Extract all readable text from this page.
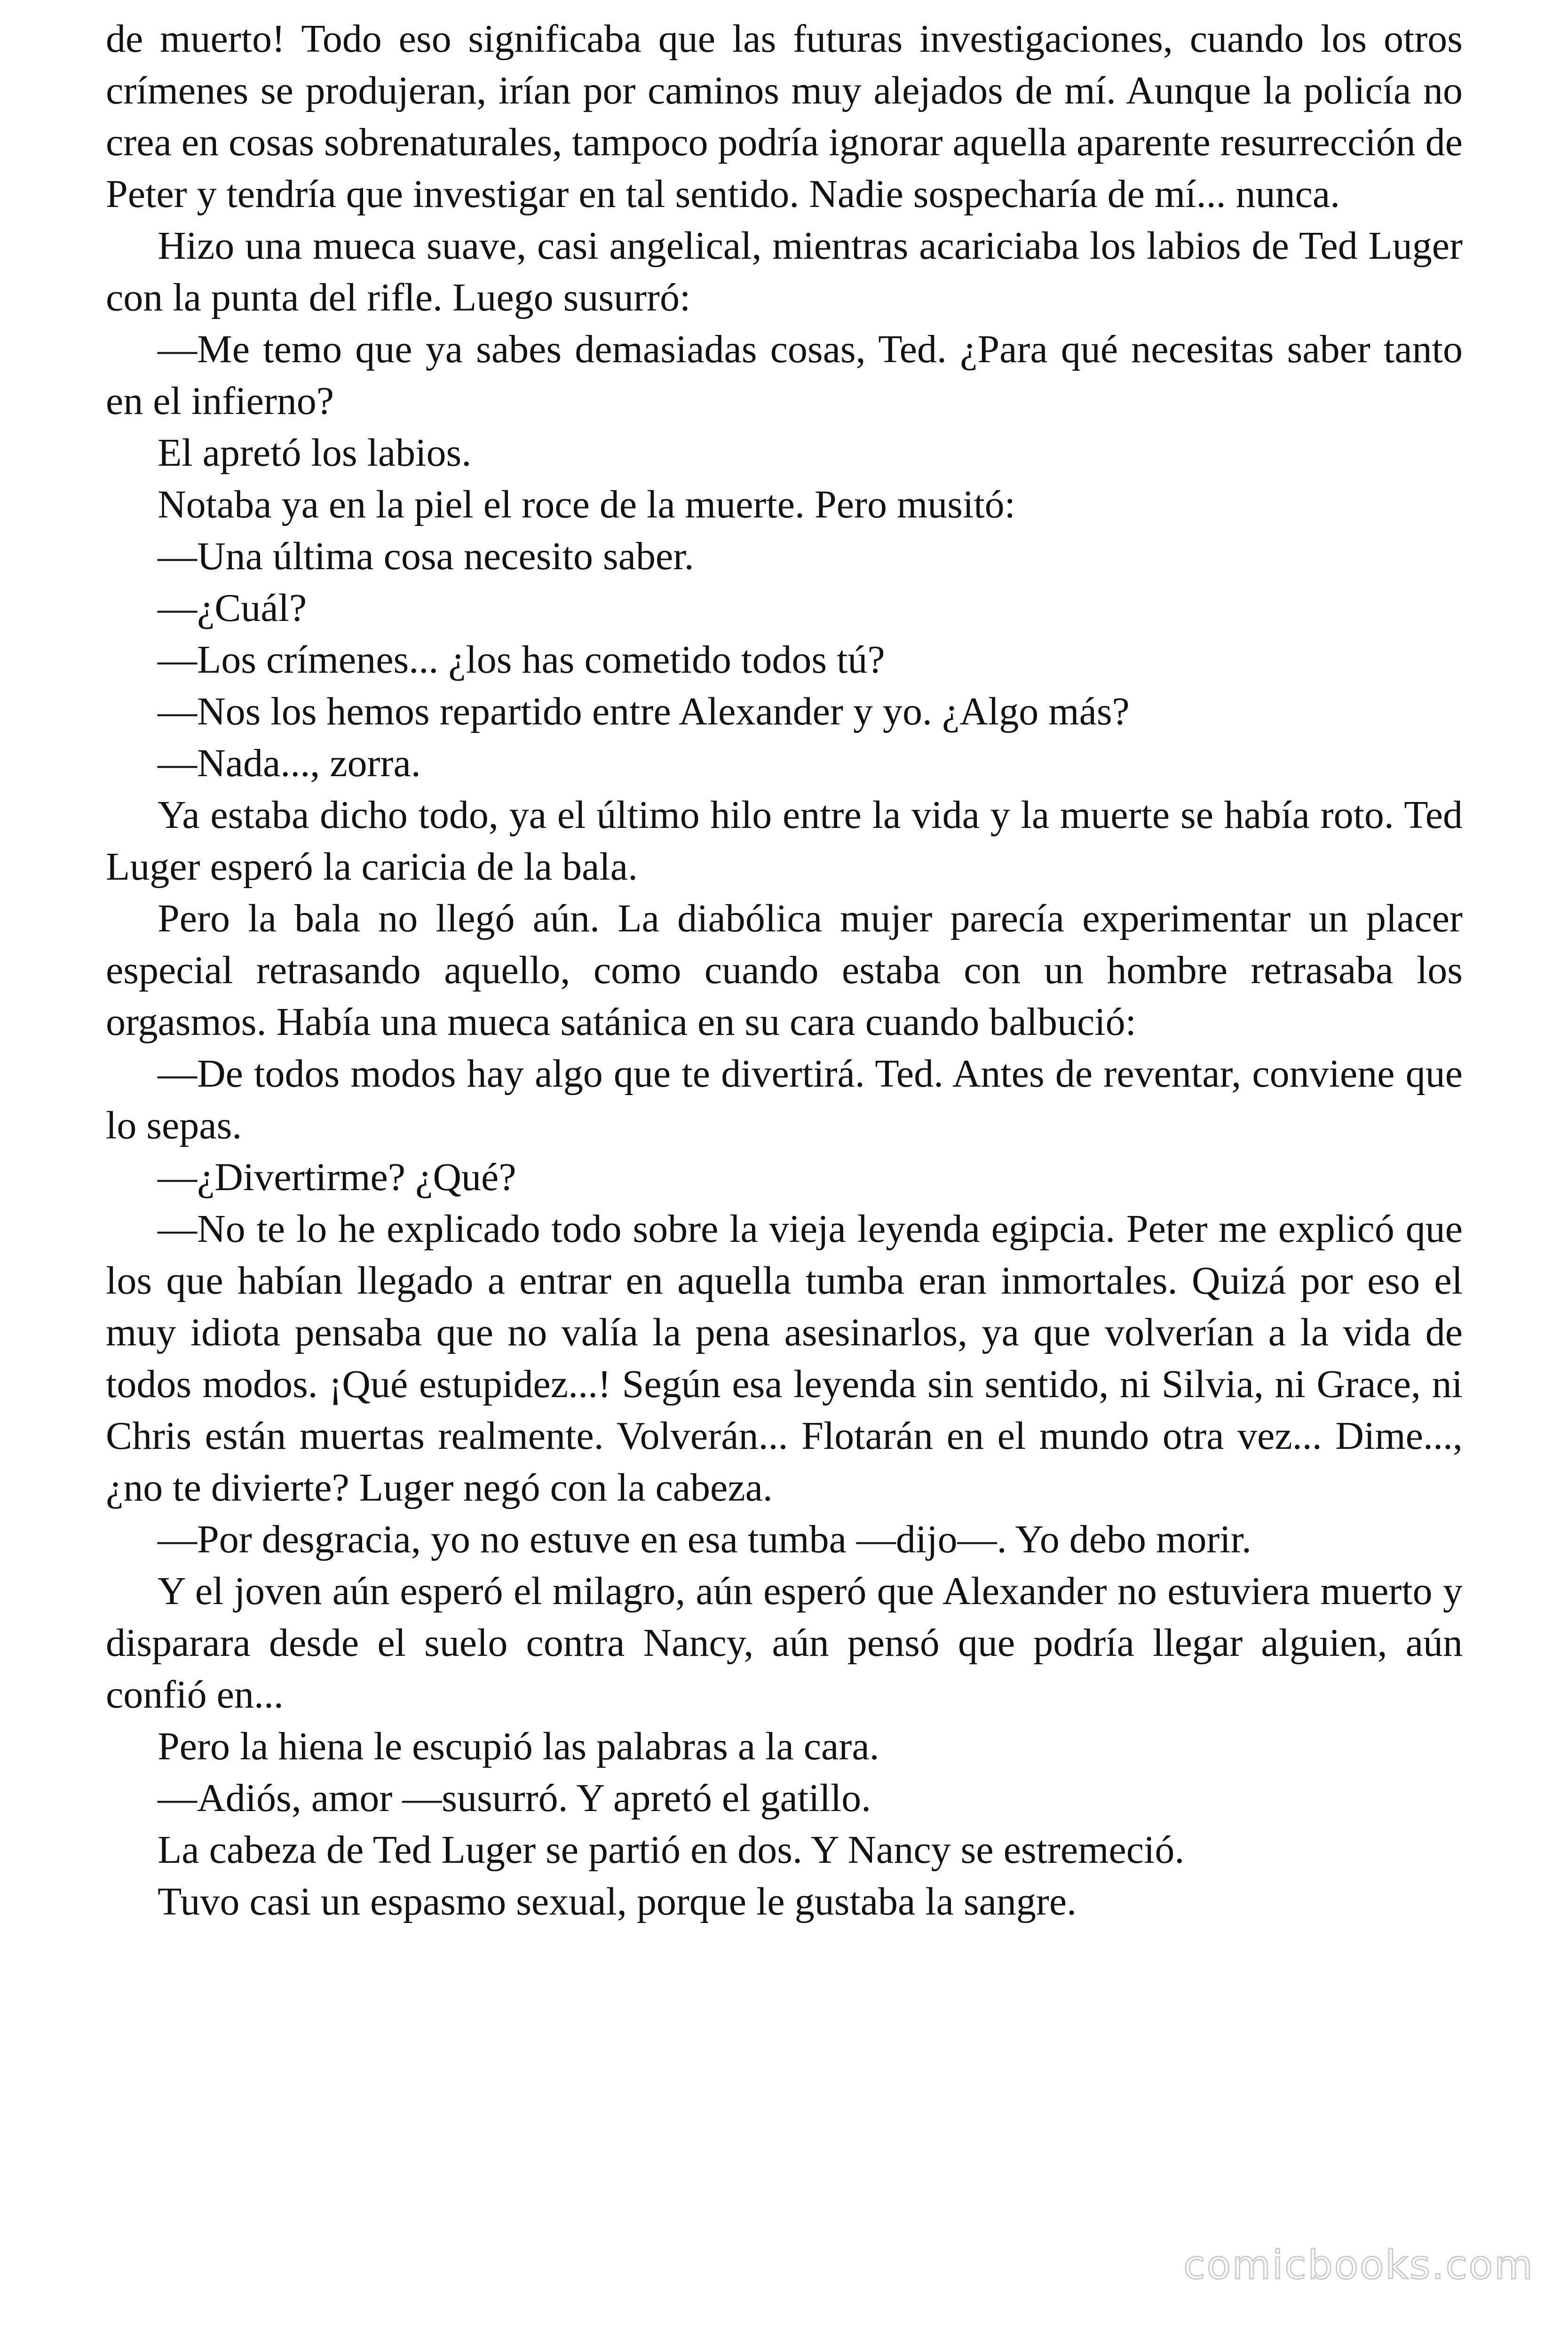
de muerto! Todo eso significaba que las futuras investigaciones, cuando los otros crímenes se produjeran, irían por caminos muy alejados de mí. Aunque la policía no crea en cosas sobrenaturales, tampoco podría ignorar aquella aparente resurrección de Peter y tendría que investigar en tal sentido. Nadie sospecharía de mí... nunca.

Hizo una mueca suave, casi angelical, mientras acariciaba los labios de Ted Luger con la punta del rifle. Luego susurró:

—Me temo que ya sabes demasiadas cosas, Ted. ¿Para qué necesitas saber tanto en el infierno?

El apretó los labios.

Notaba ya en la piel el roce de la muerte. Pero musitó:

—Una última cosa necesito saber.

—¿Cuál?

—Los crímenes... ¿los has cometido todos tú?

—Nos los hemos repartido entre Alexander y yo. ¿Algo más?

—Nada..., zorra.

Ya estaba dicho todo, ya el último hilo entre la vida y la muerte se había roto. Ted Luger esperó la caricia de la bala.

Pero la bala no llegó aún. La diabólica mujer parecía experimentar un placer especial retrasando aquello, como cuando estaba con un hombre retrasaba los orgasmos. Había una mueca satánica en su cara cuando balbució:

—De todos modos hay algo que te divertirá. Ted. Antes de reventar, conviene que lo sepas.

—¿Divertirme? ¿Qué?

—No te lo he explicado todo sobre la vieja leyenda egipcia. Peter me explicó que los que habían llegado a entrar en aquella tumba eran inmortales. Quizá por eso el muy idiota pensaba que no valía la pena asesinarlos, ya que volverían a la vida de todos modos. ¡Qué estupidez...! Según esa leyenda sin sentido, ni Silvia, ni Grace, ni Chris están muertas realmente. Volverán... Flotarán en el mundo otra vez... Dime..., ¿no te divierte? Luger negó con la cabeza.

—Por desgracia, yo no estuve en esa tumba —dijo—. Yo debo morir.

Y el joven aún esperó el milagro, aún esperó que Alexander no estuviera muerto y disparara desde el suelo contra Nancy, aún pensó que podría llegar alguien, aún confió en...

Pero la hiena le escupió las palabras a la cara.

—Adiós, amor —susurró. Y apretó el gatillo.

La cabeza de Ted Luger se partió en dos. Y Nancy se estremeció.

Tuvo casi un espasmo sexual, porque le gustaba la sangre.

comicbooks.com
